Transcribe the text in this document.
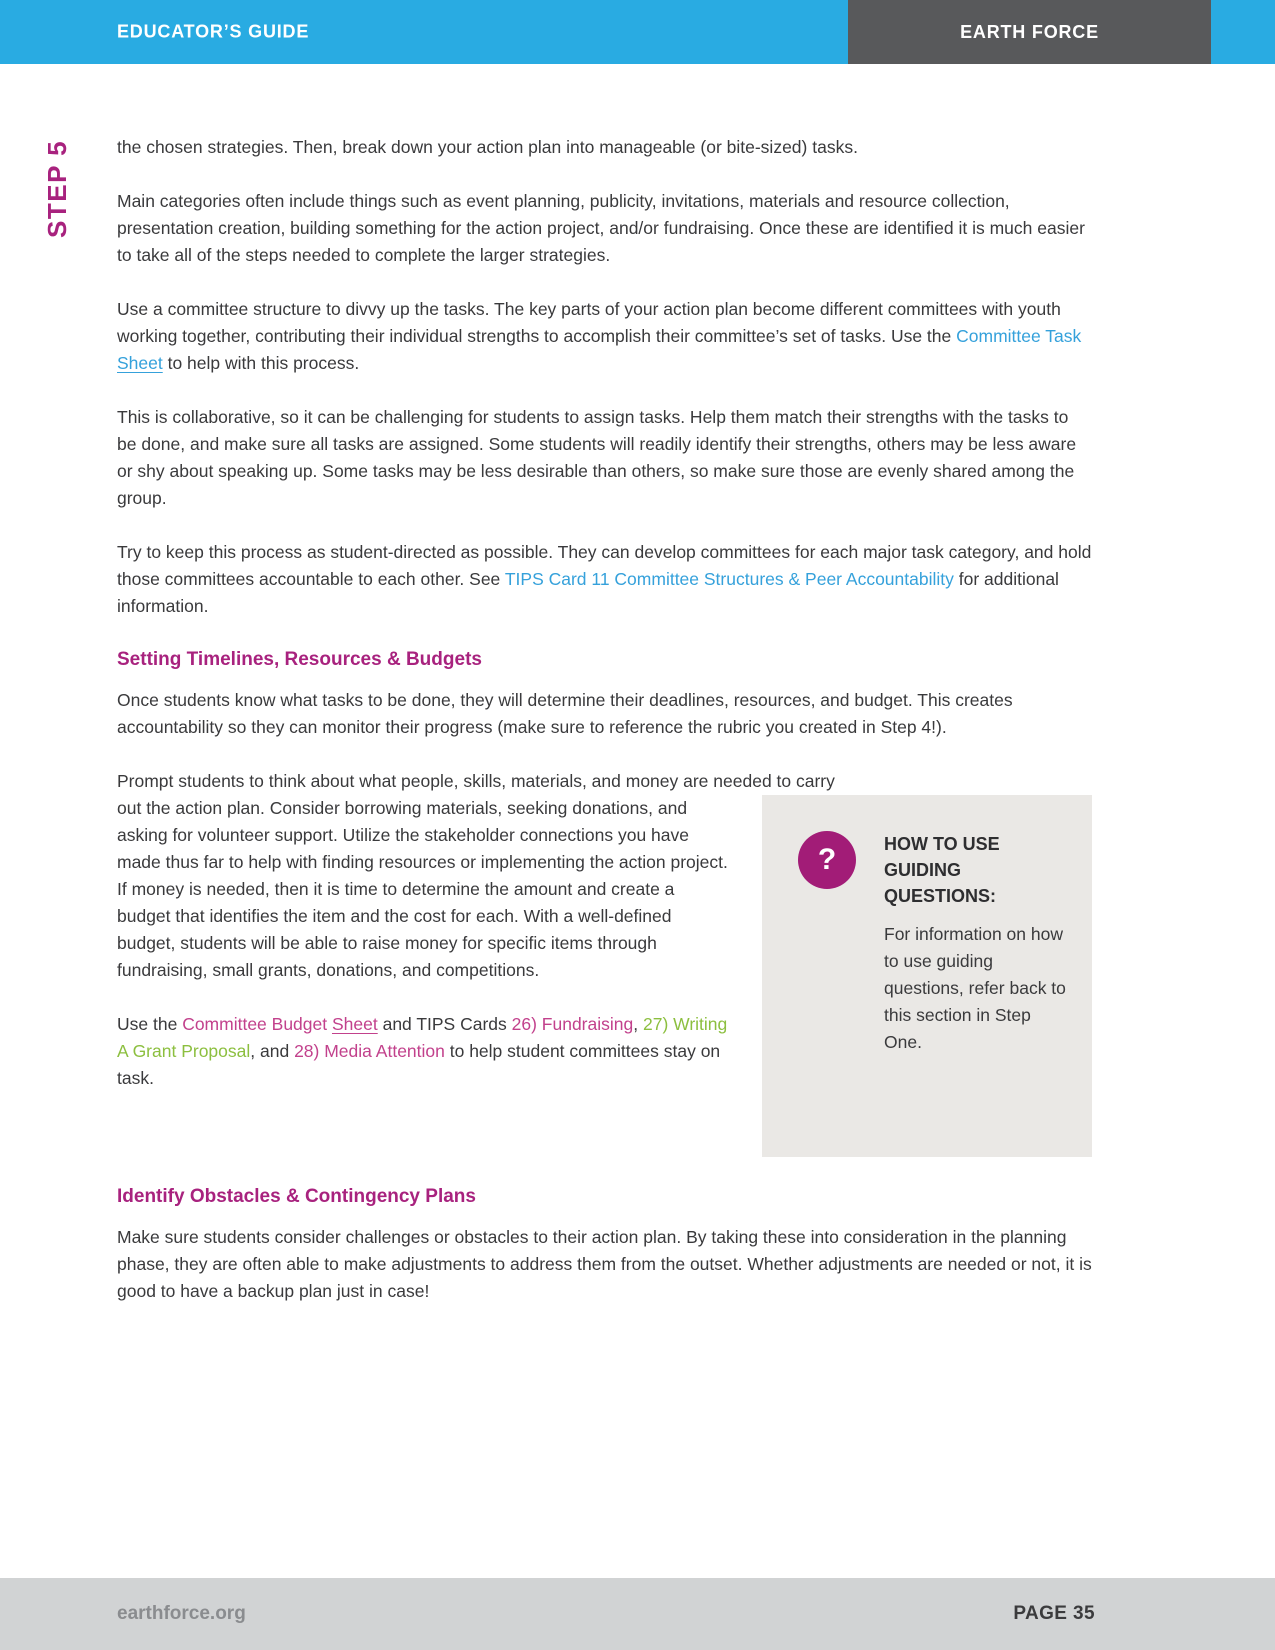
EDUCATOR’S GUIDE	EARTH FORCE
STEP 5	the chosen strategies. Then, break down your action plan into manageable (or bite-sized) tasks.

Main categories often include things such as event planning, publicity, invitations, materials and resource collection, presentation creation, building something for the action project, and/or fundraising. Once these are identified it is much easier to take all of the steps needed to complete the larger strategies.

Use a committee structure to divvy up the tasks. The key parts of your action plan become different committees with youth working together, contributing their individual strengths to accomplish their committee’s set of tasks. Use the Committee Task Sheet to help with this process.

This is collaborative, so it can be challenging for students to assign tasks. Help them match their strengths with the tasks to be done, and make sure all tasks are assigned. Some students will readily identify their strengths, others may be less aware or shy about speaking up. Some tasks may be less desirable than others, so make sure those are evenly shared among the group.

Try to keep this process as student-directed as possible. They can develop committees for each major task category, and hold those committees accountable to each other. See TIPS Card 11 Committee Structures & Peer Accountability for additional information.

Setting Timelines, Resources & Budgets

Once students know what tasks to be done, they will determine their deadlines, resources, and budget. This creates accountability so they can monitor their progress (make sure to reference the rubric you created in Step 4!).

Prompt students to think about what people, skills, materials, and money are needed to carry

out the action plan. Consider borrowing materials, seeking donations, and asking for volunteer support. Utilize the stakeholder connections you have made thus far to help with finding resources or implementing the action project. If money is needed, then it is time to determine the amount and create a budget that identifies the item and the cost for each. With a well-defined budget, students will be able to raise money for specific items through fundraising, small grants, donations, and competitions.

Use the Committee Budget Sheet and TIPS Cards 26) Fundraising, 27) Writing A Grant Proposal, and 28) Media Attention to help student committees stay on task.

?	HOW TO USE GUIDING QUESTIONS:

For information on how to use guiding questions, refer back to this section in Step One.

Identify Obstacles & Contingency Plans

Make sure students consider challenges or obstacles to their action plan. By taking these into consideration in the planning phase, they are often able to make adjustments to address them from the outset. Whether adjustments are needed or not, it is good to have a backup plan just in case!

earthforce.org	PAGE 35
